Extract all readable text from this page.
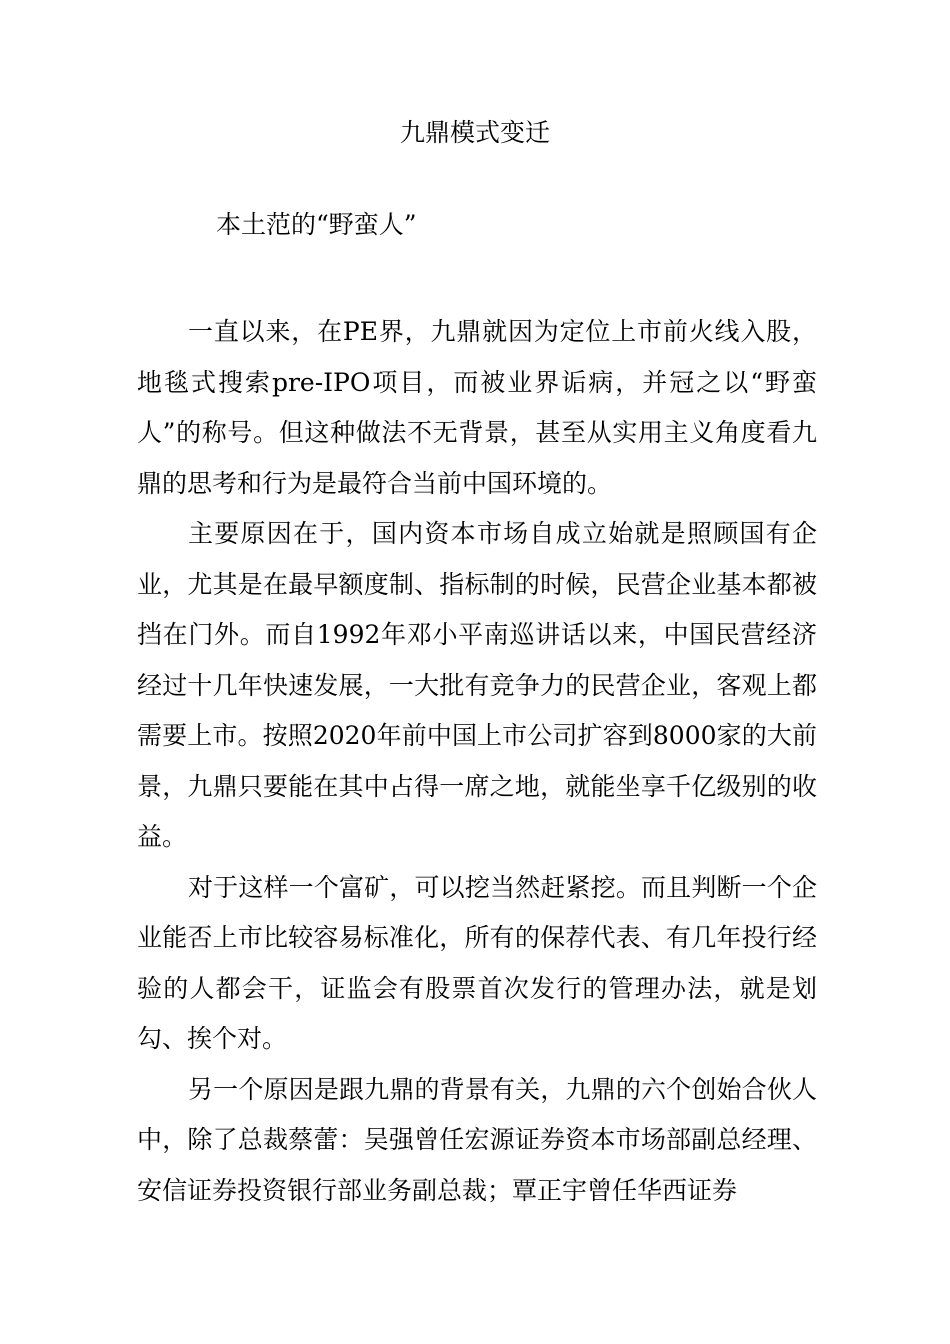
九鼎模式变迁
本土范的“野蛮人”

一直以来，在PE界，九鼎就因为定位上市前火线入股，地毯式搜索pre-IPO项目，而被业界诟病，并冠之以“野蛮人”的称号。但这种做法不无背景，甚至从实用主义角度看九鼎的思考和行为是最符合当前中国环境的。

主要原因在于，国内资本市场自成立始就是照顾国有企业，尤其是在最早额度制、指标制的时候，民营企业基本都被挡在门外。而自1992年邓小平南巡讲话以来，中国民营经济经过十几年快速发展，一大批有竞争力的民营企业，客观上都需要上市。按照2020年前中国上市公司扩容到8000家的大前景，九鼎只要能在其中占得一席之地，就能坐享千亿级别的收益。

对于这样一个富矿，可以挖当然赶紧挖。而且判断一个企业能否上市比较容易标准化，所有的保荐代表、有几年投行经验的人都会干，证监会有股票首次发行的管理办法，就是划勾、挨个对。

另一个原因是跟九鼎的背景有关，九鼎的六个创始合伙人中，除了总裁蔡蕾：吴强曾任宏源证券资本市场部副总经理、安信证券投资银行部业务副总裁；覃正宇曾任华西证券
